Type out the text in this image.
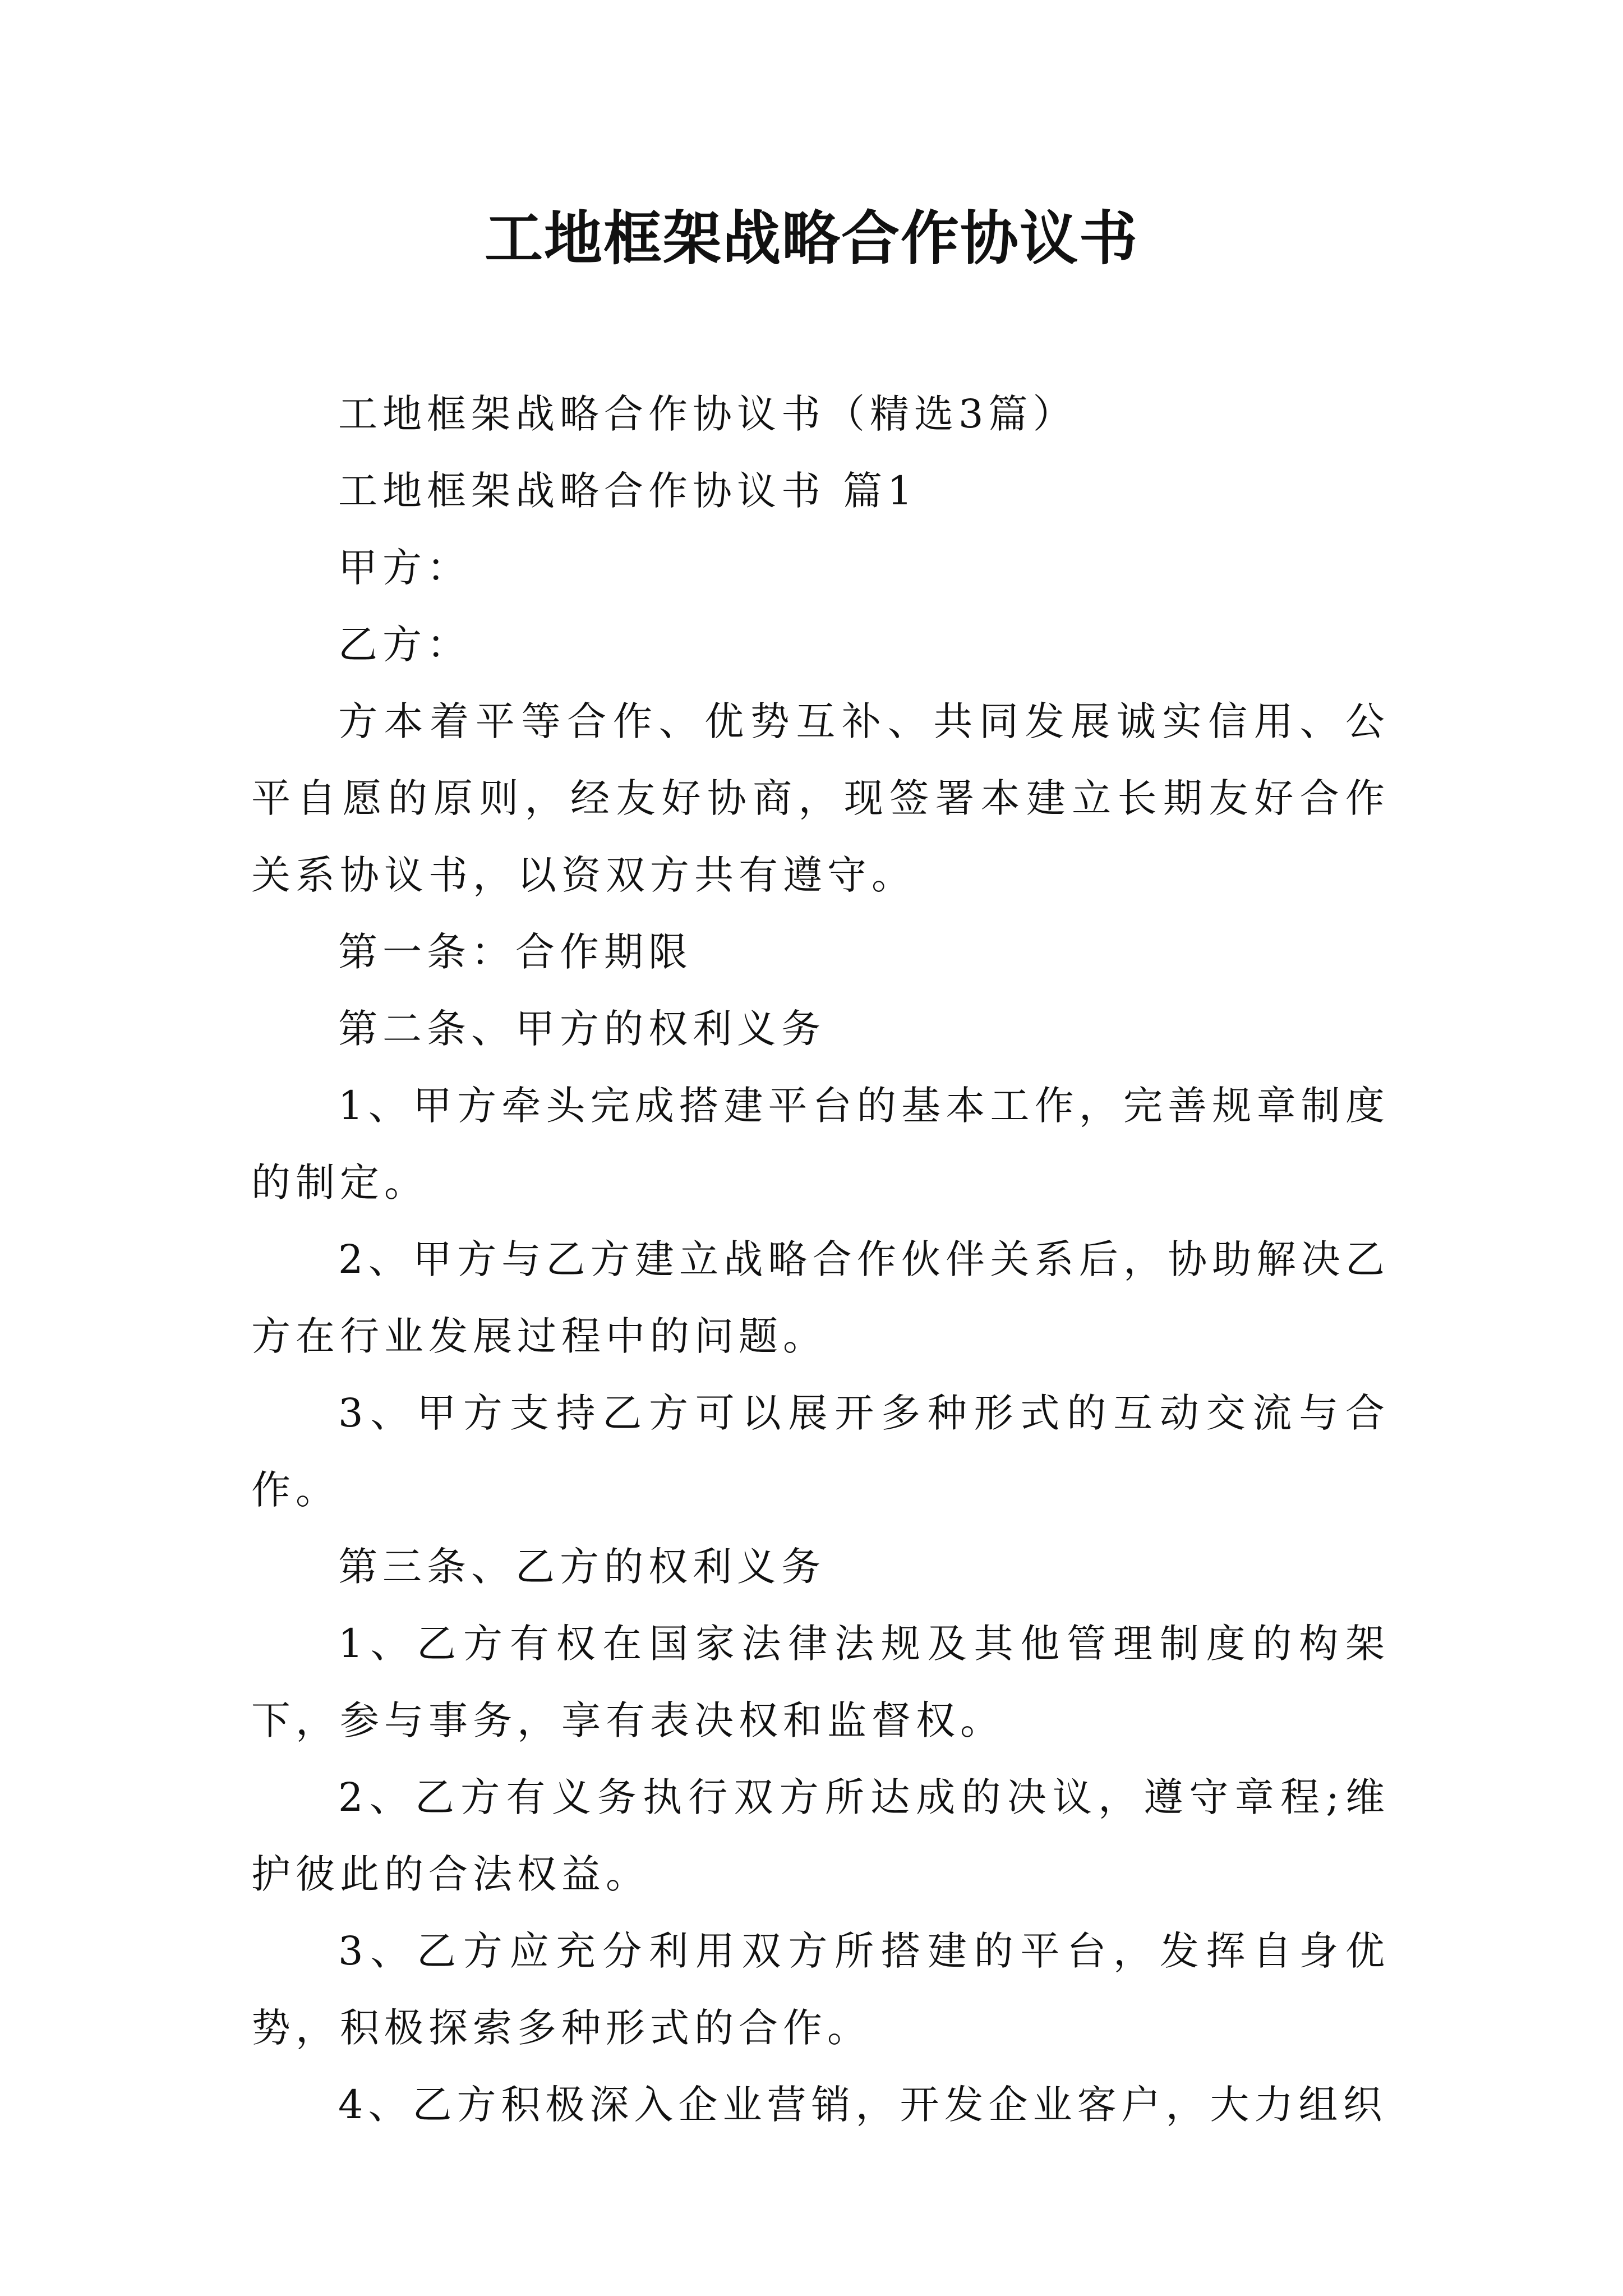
工地框架战略合作协议书

工地框架战略合作协议书（精选3篇）

工地框架战略合作协议书 篇1

甲方：

乙方：

方本着平等合作、优势互补、共同发展诚实信用、公平自愿的原则，经友好协商，现签署本建立长期友好合作关系协议书，以资双方共有遵守。

第一条：合作期限

第二条、甲方的权利义务

1、甲方牵头完成搭建平台的基本工作，完善规章制度的制定。

2、甲方与乙方建立战略合作伙伴关系后，协助解决乙方在行业发展过程中的问题。

3、甲方支持乙方可以展开多种形式的互动交流与合作。

第三条、乙方的权利义务

1、乙方有权在国家法律法规及其他管理制度的构架下，参与事务，享有表决权和监督权。

2、乙方有义务执行双方所达成的决议，遵守章程;维护彼此的合法权益。

3、乙方应充分利用双方所搭建的平台，发挥自身优势，积极探索多种形式的合作。

4、乙方积极深入企业营销，开发企业客户，大力组织
